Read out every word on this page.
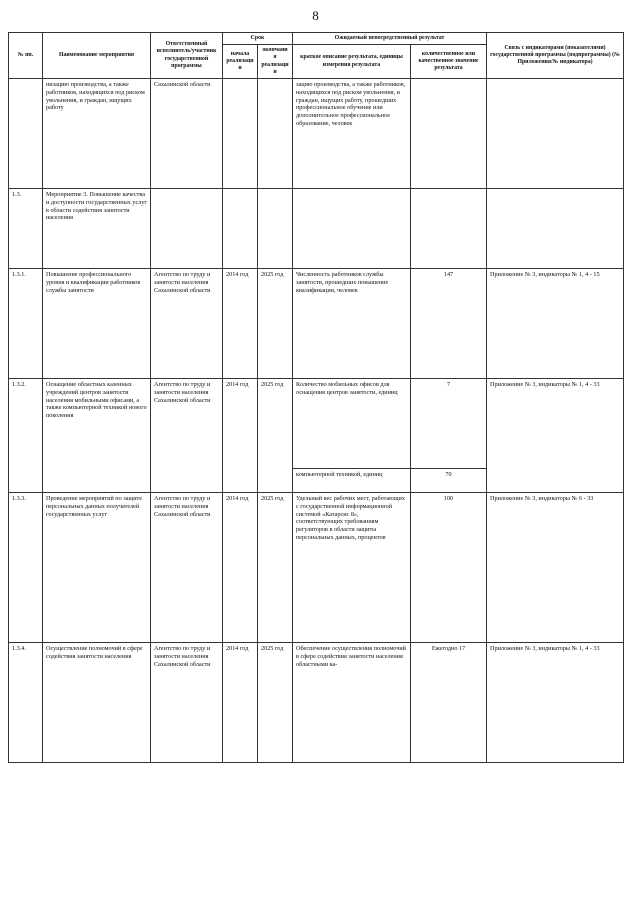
8
№ пп.	Наименование мероприятия	Ответственный исполнитель/участник государственной программы	Срок		Ожидаемый непосредственный результат		Связь с индикаторами (показателями) государственной программы (подпрограммы) (№ Приложения/№ индикатора)
			начала реализации	окончания реализации	краткое описание результата, единицы измерения результата	количественное или качественное значение результата	
	низацию производства, а также работников, находящихся под риском увольнения, и граждан, ищущих работу	Сахалинской области			зацию производства, а также работников, находящихся под риском увольнения, и граждан, ищущих работу, прошедших профессиональное обучение или дополнительное профессиональное образование, человек		
1.3.	Мероприятие 3. Повышение качества и доступности государственных услуг в области содействия занятости населения						
1.3.1.	Повышение профессионального уровня и квалификации работников службы занятости	Агентство по труду и занятости населения Сахалинской области	2014 год	2025 год	Численность работников службы занятости, прошедших повышение квалификации, человек	147	Приложение № 3, индикаторы № 1, 4 - 15
1.3.2.	Оснащение областных казенных учреждений центров занятости населения мобильными офисами, а также компьютерной техникой нового поколения	Агентство по труду и занятости населения Сахалинской области	2014 год	2025 год	Количество мобильных офисов для оснащения центров занятости, единиц	7	Приложение № 3, индикаторы № 1, 4 - 33
					компьютерной техникой, единиц	70	
1.3.3.	Проведение мероприятий по защите персональных данных получателей государственных услуг	Агентство по труду и занятости населения Сахалинской области	2014 год	2025 год	Удельный вес рабочих мест, работающих с государственной информационной системой «Катарсис 8», соответствующих требованиям регуляторов в области защиты персональных данных, процентов	100	Приложение № 3, индикаторы № 6 - 33
1.3.4.	Осуществление полномочий в сфере содействия занятости населения	Агентство по труду и занятости населения Сахалинской области	2014 год	2025 год	Обеспечение осуществления полномочий в сфере содействия занятости населения областными ка-	Ежегодно 17	Приложение № 3, индикаторы № 1, 4 - 33
